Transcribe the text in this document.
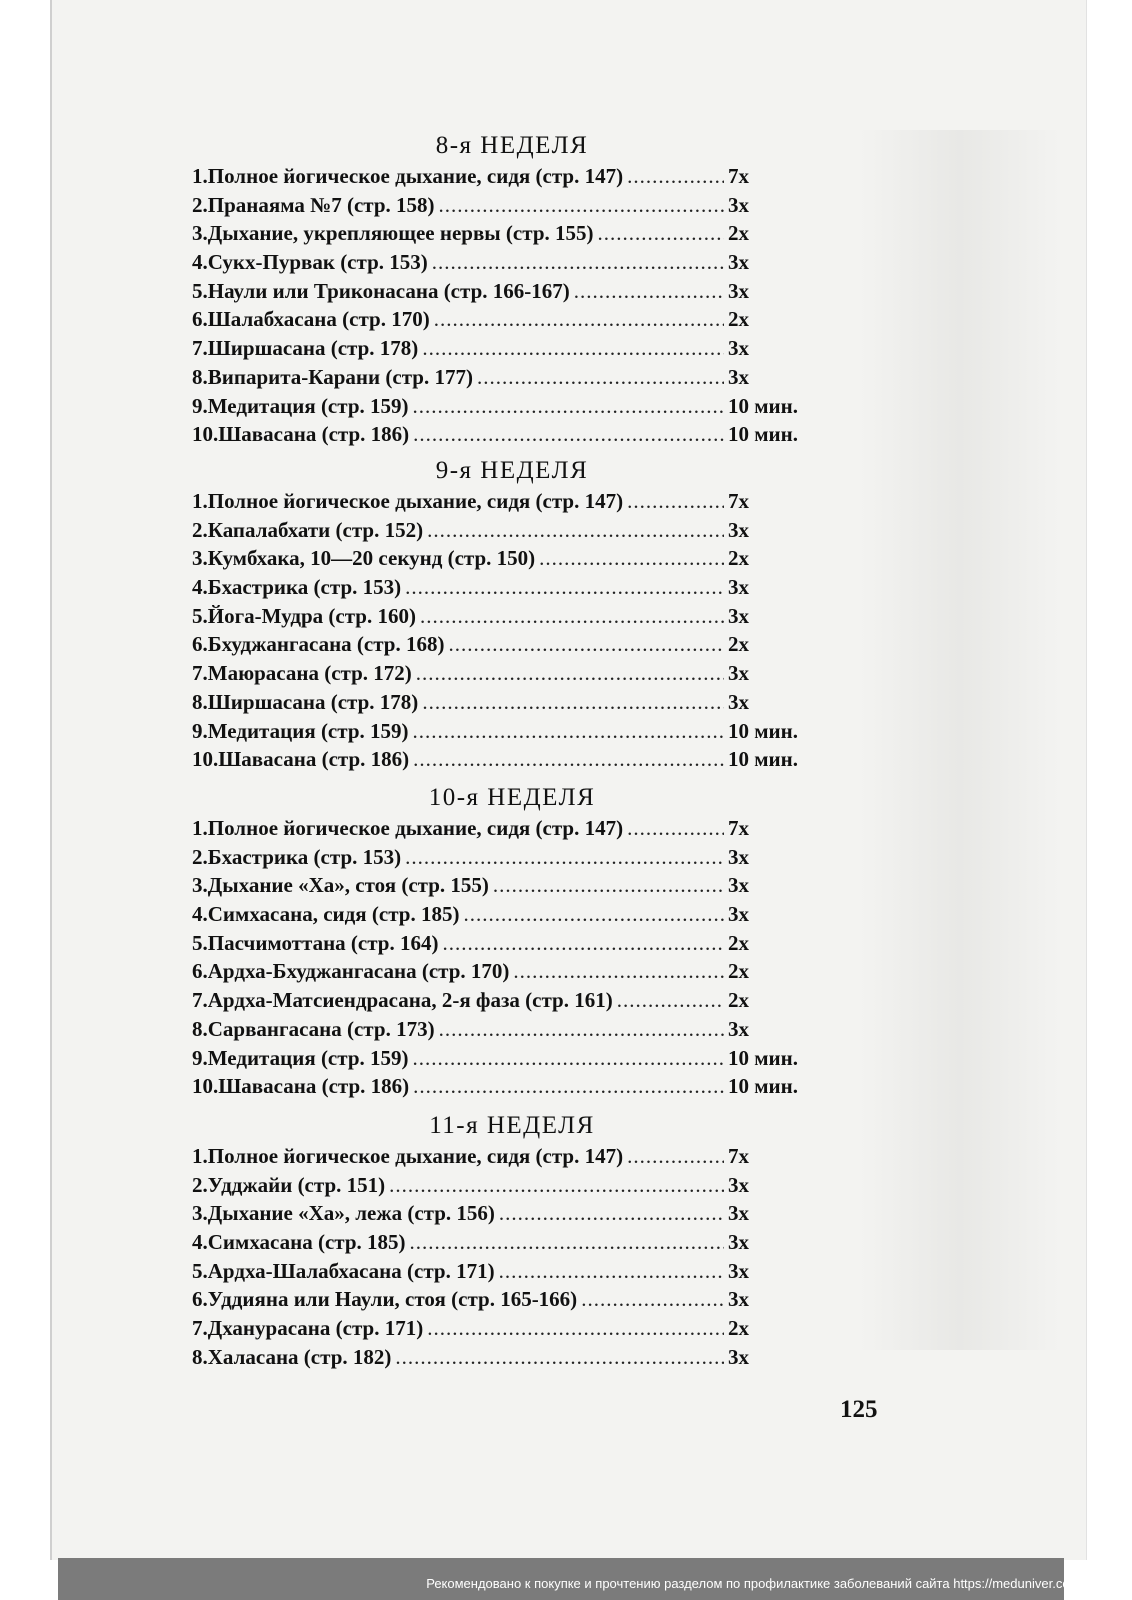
8-я НЕДЕЛЯ
1.Полное йогическое дыхание, сидя (стр. 147) .....	7х
2.Пранаяма №7 (стр. 158) .....	3х
3.Дыхание, укрепляющее нервы (стр. 155) .....	2х
4.Сукх-Пурвак (стр. 153) .....	3х
5.Наули или Триконасана (стр. 166-167) .....	3х
6.Шалабхасана (стр. 170) .....	2х
7.Ширшасана (стр. 178) .....	3х
8.Випарита-Карани (стр. 177) .....	3х
9.Медитация (стр. 159) .....	10 мин.
10.Шавасана (стр. 186) .....	10 мин.
9-я НЕДЕЛЯ
1.Полное йогическое дыхание, сидя (стр. 147) .....	7х
2.Капалабхати (стр. 152) .....	3х
3.Кумбхака, 10—20 секунд (стр. 150) .....	2х
4.Бхастрика (стр. 153) .....	3х
5.Йога-Мудра (стр. 160) .....	3х
6.Бхуджангасана (стр. 168) .....	2х
7.Маюрасана (стр. 172) .....	3х
8.Ширшасана (стр. 178) .....	3х
9.Медитация (стр. 159) .....	10 мин.
10.Шавасана (стр. 186) .....	10 мин.
10-я НЕДЕЛЯ
1.Полное йогическое дыхание, сидя (стр. 147) .....	7х
2.Бхастрика (стр. 153) .....	3х
3.Дыхание «Ха», стоя (стр. 155) .....	3х
4.Симхасана, сидя (стр. 185) .....	3х
5.Пасчимоттана (стр. 164) .....	2х
6.Ардха-Бхуджангасана (стр. 170) .....	2х
7.Ардха-Матсиендрасана, 2-я фаза (стр. 161) .....	2х
8.Сарвангасана (стр. 173) .....	3х
9.Медитация (стр. 159) .....	10 мин.
10.Шавасана (стр. 186) .....	10 мин.
11-я НЕДЕЛЯ
1.Полное йогическое дыхание, сидя (стр. 147) .....	7х
2.Удджайи (стр. 151) .....	3х
3.Дыхание «Ха», лежа (стр. 156) .....	3х
4.Симхасана (стр. 185) .....	3х
5.Ардха-Шалабхасана (стр. 171) .....	3х
6.Уддияна или Наули, стоя (стр. 165-166) .....	3х
7.Дханурасана (стр. 171) .....	2х
8.Халасана (стр. 182) .....	3х
125
Рекомендовано к покупке и прочтению разделом по профилактике заболеваний сайта https://meduniver.com/
